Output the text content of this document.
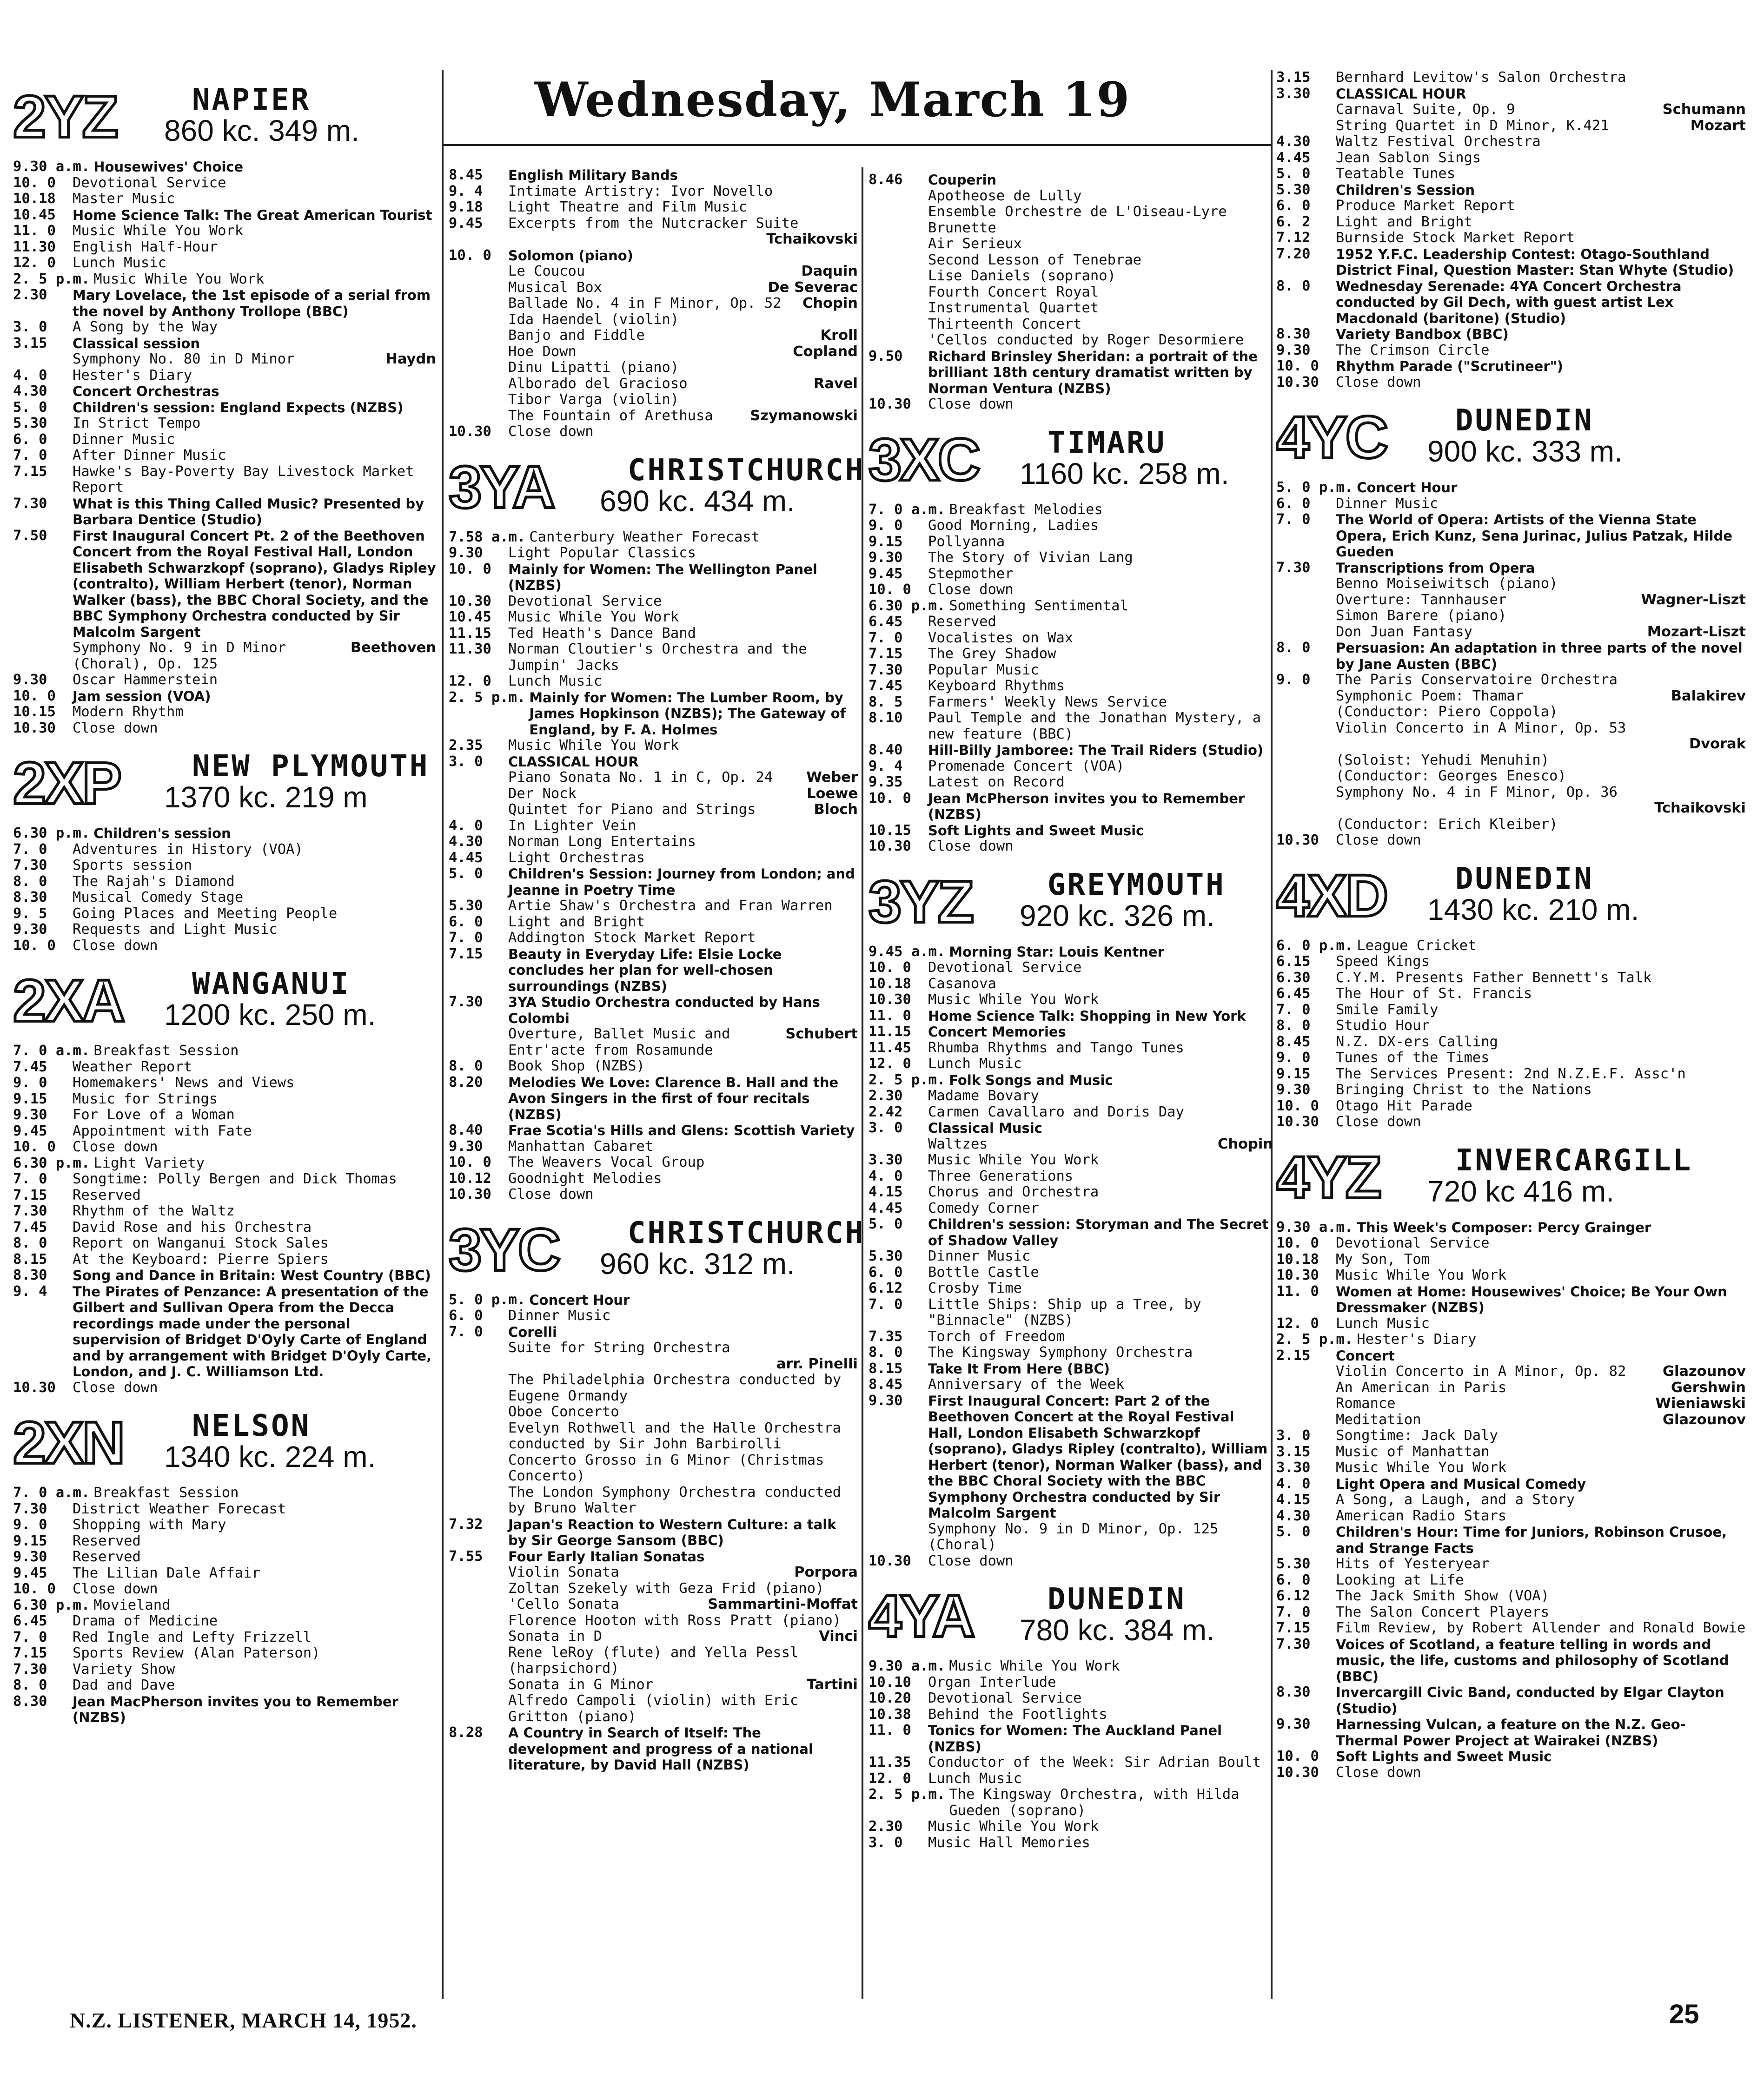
Wednesday, March 19
2YZ	NAPIER
860 kc. 349 m.
9.30 a.m. Housewives' Choice
10. 0	Devotional Service
10.18	Master Music
10.45	Home Science Talk: The Great American Tourist
11. 0	Music While You Work
11.30	English Half-Hour
12. 0	Lunch Music
2. 5 p.m. Music While You Work
2.30	Mary Lovelace, the 1st episode of a serial from the novel by Anthony Trollope (BBC)
3. 0	A Song by the Way
3.15	Classical session
Symphony No. 80 in D Minor	Haydn
4. 0	Hester's Diary
4.30	Concert Orchestras
5. 0	Children's session: England Expects (NZBS)
5.30	In Strict Tempo
6. 0	Dinner Music
7. 0	After Dinner Music
7.15	Hawke's Bay-Poverty Bay Livestock Market Report
7.30	What is this Thing Called Music? Presented by Barbara Dentice (Studio)
7.50	First Inaugural Concert Pt. 2 of the Beethoven Concert from the Royal Festival Hall, London Elisabeth Schwarzkopf (soprano), Gladys Ripley (contralto), William Herbert (tenor), Norman Walker (bass), the BBC Choral Society, and the BBC Symphony Orchestra conducted by Sir Malcolm Sargent
Symphony No. 9 in D Minor (Choral), Op. 125
Beethoven
9.30	Oscar Hammerstein
10. 0	Jam session (VOA)
10.15	Modern Rhythm
10.30	Close down
2XP NEW PLYMOUTH
1370 kc. 219 m
6.30 p.m. Children's session
7. 0	Adventures in History (VOA)
7.30	Sports session
8. 0	The Rajah's Diamond
8.30	Musical Comedy Stage
9. 5	Going Places and Meeting People
9.30	Requests and Light Music
10. 0	Close down
2XA WANGANUI
1200 kc. 250 m.
7. 0 a.m. Breakfast Session
7.45	Weather Report
9. 0	Homemakers' News and Views
9.15	Music for Strings
9.30	For Love of a Woman
9.45	Appointment with Fate
10. 0	Close down
6.30 p.m. Light Variety
7. 0	Songtime: Polly Bergen and Dick Thomas
7.15	Reserved
7.30	Rhythm of the Waltz
7.45	David Rose and his Orchestra
8. 0	Report on Wanganui Stock Sales
8.15	At the Keyboard: Pierre Spiers
8.30	Song and Dance in Britain: West Country (BBC)
9. 4	The Pirates of Penzance: A presentation of the Gilbert and Sullivan Opera from the Decca recordings made under the personal supervision of Bridget D'Oyly Carte of England and by arrangement with Bridget D'Oyly Carte, London, and J. C. Williamson Ltd.
10.30	Close down
2XN NELSON
1340 kc. 224 m.
7. 0 a.m. Breakfast Session
7.30	District Weather Forecast
9. 0	Shopping with Mary
9.15	Reserved
9.30	Reserved
9.45	The Lilian Dale Affair
10. 0	Close down
6.30 p.m. Movieland
6.45	Drama of Medicine
7. 0	Red Ingle and Lefty Frizzell
7.15	Sports Review (Alan Paterson)
7.30	Variety Show
8. 0	Dad and Dave
8.30	Jean MacPherson invites you to Remember (NZBS)
8.45	English Military Bands
9. 4	Intimate Artistry: Ivor Novello
9.18	Light Theatre and Film Music
9.45	Excerpts from the Nutcracker Suite
Tchaikovski
10. 0	Solomon (piano)
Le Coucou	Daquin
Musical Box	De Severac
Ballade No. 4 in F Minor, Op. 52 Chopin
Ida Haendel (violin)
Banjo and Fiddle	Kroll
Hoe Down	Copland
Dinu Lipatti (piano)
Alborado del Gracioso	Ravel
Tibor Varga (violin)
The Fountain of Arethusa	Szymanowski
10.30	Close down
3YA CHRISTCHURCH
690 kc. 434 m.
7.58 a.m. Canterbury Weather Forecast
9.30	Light Popular Classics
10. 0	Mainly for Women: The Wellington Panel (NZBS)
10.30	Devotional Service
10.45	Music While You Work
11.15	Ted Heath's Dance Band
11.30	Norman Cloutier's Orchestra and the Jumpin' Jacks
12. 0	Lunch Music
2. 5 p.m. Mainly for Women: The Lumber Room, by James Hopkinson (NZBS); The Gateway of England, by F. A. Holmes
2.35	Music While You Work
3. 0	CLASSICAL HOUR
Piano Sonata No. 1 in C, Op. 24 Weber
Der Nock	Loewe
Quintet for Piano and Strings	Bloch
4. 0	In Lighter Vein
4.30	Norman Long Entertains
4.45	Light Orchestras
5. 0	Children's Session: Journey from London; and Jeanne in Poetry Time
5.30	Artie Shaw's Orchestra and Fran Warren
6. 0	Light and Bright
7. 0	Addington Stock Market Report
7.15	Beauty in Everyday Life: Elsie Locke concludes her plan for well-chosen surroundings (NZBS)
7.30	3YA Studio Orchestra conducted by Hans Colombi
Overture, Ballet Music and Entr'acte from Rosamunde
Schubert
8. 0	Book Shop (NZBS)
8.20	Melodies We Love: Clarence B. Hall and the Avon Singers in the first of four recitals (NZBS)
8.40	Frae Scotia's Hills and Glens: Scottish Variety
9.30	Manhattan Cabaret
10. 0	The Weavers Vocal Group
10.12	Goodnight Melodies
10.30	Close down
3YC CHRISTCHURCH
960 kc. 312 m.
5. 0 p.m. Concert Hour
6. 0	Dinner Music
7. 0	Corelli
Suite for String Orchestra
arr. Pinelli
The Philadelphia Orchestra conducted by Eugene Ormandy
Oboe Concerto
Evelyn Rothwell and the Halle Orchestra conducted by Sir John Barbirolli
Concerto Grosso in G Minor (Christmas Concerto)
The London Symphony Orchestra conducted by Bruno Walter
7.32	Japan's Reaction to Western Culture: a talk by Sir George Sansom (BBC)
7.55	Four Early Italian Sonatas
Violin Sonata	Porpora
Zoltan Szekely with Geza Frid (piano)
'Cello Sonata	Sammartini-Moffat
Florence Hooton with Ross Pratt (piano)
Sonata in D	Vinci
Rene leRoy (flute) and Yella Pessl (harpsichord)
Sonata in G Minor	Tartini
Alfredo Campoli (violin) with Eric Gritton (piano)
8.28	A Country in Search of Itself: The development and progress of a national literature, by David Hall (NZBS)
8.46	Couperin
Apotheose de Lully
Ensemble Orchestre de L'Oiseau-Lyre
Brunette
Air Serieux
Second Lesson of Tenebrae
Lise Daniels (soprano)
Fourth Concert Royal
Instrumental Quartet
Thirteenth Concert
'Cellos conducted by Roger Desormiere
9.50	Richard Brinsley Sheridan: a portrait of the brilliant 18th century dramatist written by Norman Ventura (NZBS)
10.30	Close down
3XC TIMARU
1160 kc. 258 m.
7. 0 a.m. Breakfast Melodies
9. 0	Good Morning, Ladies
9.15	Pollyanna
9.30	The Story of Vivian Lang
9.45	Stepmother
10. 0	Close down
6.30 p.m. Something Sentimental
6.45	Reserved
7. 0	Vocalistes on Wax
7.15	The Grey Shadow
7.30	Popular Music
7.45	Keyboard Rhythms
8. 5	Farmers' Weekly News Service
8.10	Paul Temple and the Jonathan Mystery, a new feature (BBC)
8.40	Hill-Billy Jamboree: The Trail Riders (Studio)
9. 4	Promenade Concert (VOA)
9.35	Latest on Record
10. 0	Jean McPherson invites you to Remember (NZBS)
10.15	Soft Lights and Sweet Music
10.30	Close down
3YZ	GREYMOUTH
920 kc. 326 m.
9.45 a.m. Morning Star: Louis Kentner
10. 0	Devotional Service
10.18	Casanova
10.30	Music While You Work
11. 0	Home Science Talk: Shopping in New York
11.15	Concert Memories
11.45	Rhumba Rhythms and Tango Tunes
12. 0	Lunch Music
2. 5 p.m. Folk Songs and Music
2.30	Madame Bovary
2.42	Carmen Cavallaro and Doris Day
3. 0	Classical Music
Waltzes	Chopin
3.30	Music While You Work
4. 0	Three Generations
4.15	Chorus and Orchestra
4.45	Comedy Corner
5. 0	Children's session: Storyman and The Secret of Shadow Valley
5.30	Dinner Music
6. 0	Bottle Castle
6.12	Crosby Time
7. 0	Little Ships: Ship up a Tree, by "Binnacle" (NZBS)
7.35	Torch of Freedom
8. 0	The Kingsway Symphony Orchestra
8.15	Take It From Here (BBC)
8.45	Anniversary of the Week
9.30	First Inaugural Concert: Part 2 of the Beethoven Concert at the Royal Festival Hall, London Elisabeth Schwarzkopf (soprano), Gladys Ripley (contralto), William Herbert (tenor), Norman Walker (bass), and the BBC Choral Society with the BBC Symphony Orchestra conducted by Sir Malcolm Sargent
Symphony No. 9 in D Minor, Op. 125 (Choral)
10.30	Close down
4YA DUNEDIN
780 kc. 384 m.
9.30 a.m. Music While You Work
10.10	Organ Interlude
10.20	Devotional Service
10.38	Behind the Footlights
11. 0	Tonics for Women: The Auckland Panel (NZBS)
11.35	Conductor of the Week: Sir Adrian Boult
12. 0	Lunch Music
2. 5 p.m. The Kingsway Orchestra, with Hilda Gueden (soprano)
2.30	Music While You Work
3. 0	Music Hall Memories
3.15	Bernhard Levitow's Salon Orchestra
3.30	CLASSICAL HOUR
Carnaval Suite, Op. 9	Schumann
String Quartet in D Minor, K.421	Mozart
4.30	Waltz Festival Orchestra
4.45	Jean Sablon Sings
5. 0	Teatable Tunes
5.30	Children's Session
6. 0	Produce Market Report
6. 2	Light and Bright
7.12	Burnside Stock Market Report
7.20	1952 Y.F.C. Leadership Contest: Otago-Southland District Final, Question Master: Stan Whyte (Studio)
8. 0	Wednesday Serenade: 4YA Concert Orchestra conducted by Gil Dech, with guest artist Lex Macdonald (baritone) (Studio)
8.30	Variety Bandbox (BBC)
9.30	The Crimson Circle
10. 0	Rhythm Parade ("Scrutineer")
10.30	Close down
4YC DUNEDIN
900 kc. 333 m.
5. 0 p.m. Concert Hour
6. 0	Dinner Music
7. 0	The World of Opera: Artists of the Vienna State Opera, Erich Kunz, Sena Jurinac, Julius Patzak, Hilde Gueden
7.30	Transcriptions from Opera
Benno Moiseiwitsch (piano)
Overture: Tannhauser	Wagner-Liszt
Simon Barere (piano)
Don Juan Fantasy	Mozart-Liszt
8. 0	Persuasion: An adaptation in three parts of the novel by Jane Austen (BBC)
9. 0	The Paris Conservatoire Orchestra
Symphonic Poem: Thamar	Balakirev
(Conductor: Piero Coppola)
Violin Concerto in A Minor, Op. 53
Dvorak
(Soloist: Yehudi Menuhin)
(Conductor: Georges Enesco)
Symphony No. 4 in F Minor, Op. 36
Tchaikovski
(Conductor: Erich Kleiber)
10.30	Close down
4XD DUNEDIN
1430 kc. 210 m.
6. 0 p.m. League Cricket
6.15	Speed Kings
6.30	C.Y.M. Presents Father Bennett's Talk
6.45	The Hour of St. Francis
7. 0	Smile Family
8. 0	Studio Hour
8.45	N.Z. DX-ers Calling
9. 0	Tunes of the Times
9.15	The Services Present: 2nd N.Z.E.F. Assc'n
9.30	Bringing Christ to the Nations
10. 0	Otago Hit Parade
10.30	Close down
4YZ	INVERCARGILL
720 kc 416 m.
9.30 a.m. This Week's Composer: Percy Grainger
10. 0	Devotional Service
10.18	My Son, Tom
10.30	Music While You Work
11. 0	Women at Home: Housewives' Choice; Be Your Own Dressmaker (NZBS)
12. 0	Lunch Music
2. 5 p.m. Hester's Diary
2.15	Concert
Violin Concerto in A Minor, Op. 82	Glazounov
An American in Paris	Gershwin
Romance	Wieniawski
Meditation	Glazounov
3. 0	Songtime: Jack Daly
3.15	Music of Manhattan
3.30	Music While You Work
4. 0	Light Opera and Musical Comedy
4.15	A Song, a Laugh, and a Story
4.30	American Radio Stars
5. 0	Children's Hour: Time for Juniors, Robinson Crusoe, and Strange Facts
5.30	Hits of Yesteryear
6. 0	Looking at Life
6.12	The Jack Smith Show (VOA)
7. 0	The Salon Concert Players
7.15	Film Review, by Robert Allender and Ronald Bowie
7.30	Voices of Scotland, a feature telling in words and music, the life, customs and philosophy of Scotland (BBC)
8.30	Invercargill Civic Band, conducted by Elgar Clayton (Studio)
9.30	Harnessing Vulcan, a feature on the N.Z. Geo-Thermal Power Project at Wairakei (NZBS)
10. 0	Soft Lights and Sweet Music
10.30	Close down
N.Z. LISTENER, MARCH 14, 1952.	25
